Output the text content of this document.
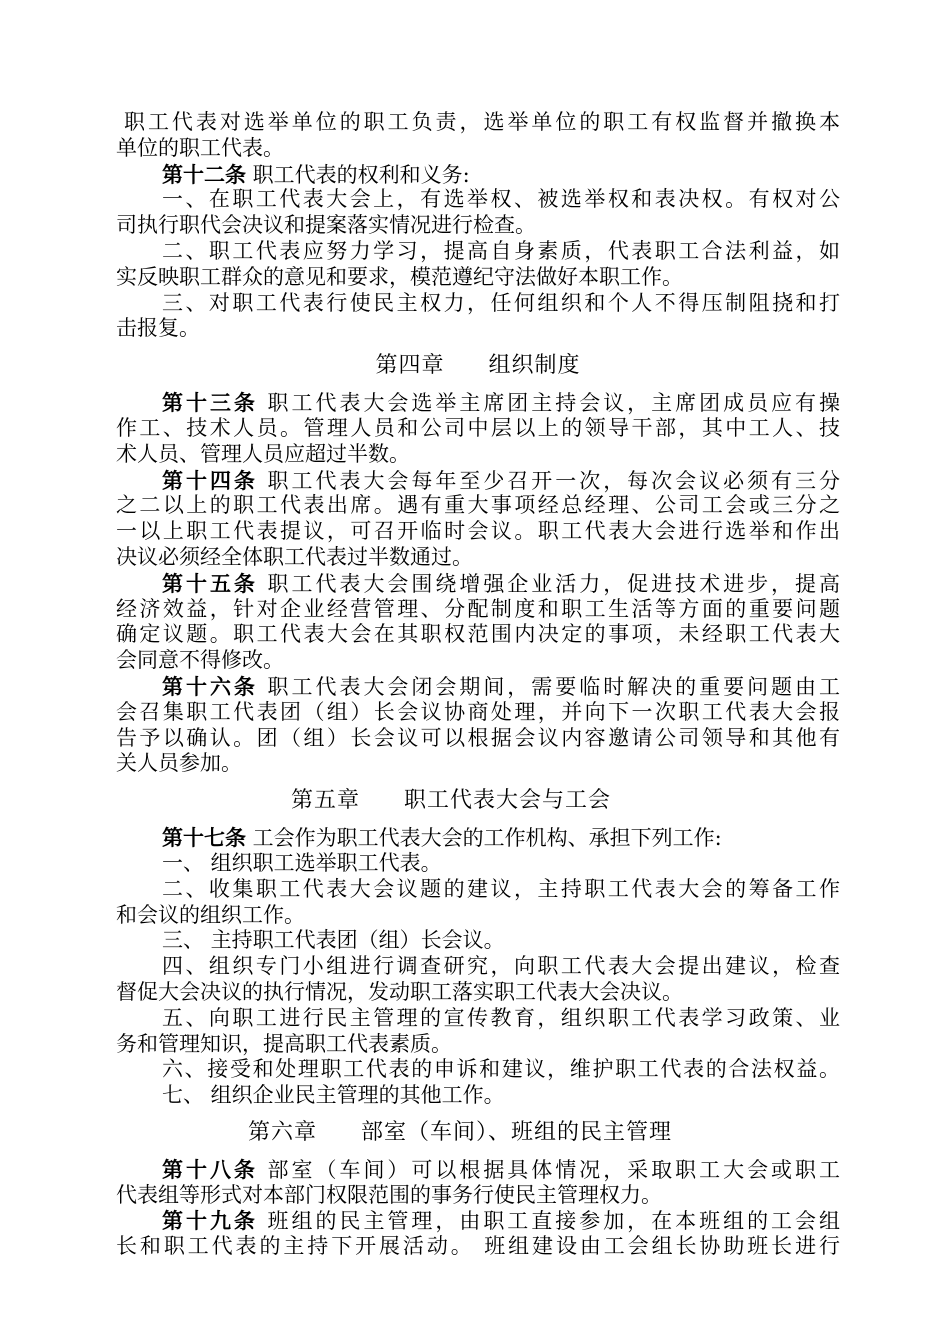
职工代表对选举单位的职工负责，选举单位的职工有权监督并撤换本
单位的职工代表。
第十二条 职工代表的权利和义务:
一、在职工代表大会上，有选举权、被选举权和表决权。有权对公
司执行职代会决议和提案落实情况进行检查。
二、职工代表应努力学习，提高自身素质，代表职工合法利益，如
实反映职工群众的意见和要求，模范遵纪守法做好本职工作。
三、对职工代表行使民主权力，任何组织和个人不得压制阻挠和打
击报复。
第四章 组织制度
第十三条 职工代表大会选举主席团主持会议，主席团成员应有操
作工、技术人员。管理人员和公司中层以上的领导干部，其中工人、技
术人员、管理人员应超过半数。
第十四条 职工代表大会每年至少召开一次，每次会议必须有三分
之二以上的职工代表出席。遇有重大事项经总经理、公司工会或三分之
一以上职工代表提议，可召开临时会议。职工代表大会进行选举和作出
决议必须经全体职工代表过半数通过。
第十五条 职工代表大会围绕增强企业活力，促进技术进步，提高
经济效益，针对企业经营管理、分配制度和职工生活等方面的重要问题
确定议题。职工代表大会在其职权范围内决定的事项，未经职工代表大
会同意不得修改。
第十六条 职工代表大会闭会期间，需要临时解决的重要问题由工
会召集职工代表团（组）长会议协商处理，并向下一次职工代表大会报
告予以确认。团（组）长会议可以根据会议内容邀请公司领导和其他有
关人员参加。
第五章 职工代表大会与工会
第十七条 工会作为职工代表大会的工作机构、承担下列工作:
一、 组织职工选举职工代表。
二、收集职工代表大会议题的建议，主持职工代表大会的筹备工作
和会议的组织工作。
三、 主持职工代表团（组）长会议。
四、组织专门小组进行调查研究，向职工代表大会提出建议，检查
督促大会决议的执行情况，发动职工落实职工代表大会决议。
五、向职工进行民主管理的宣传教育，组织职工代表学习政策、业
务和管理知识，提高职工代表素质。
六、接受和处理职工代表的申诉和建议，维护职工代表的合法权益。
七、 组织企业民主管理的其他工作。
第六章 部室（车间）、班组的民主管理
第十八条 部室（车间）可以根据具体情况，采取职工大会或职工
代表组等形式对本部门权限范围的事务行使民主管理权力。
第十九条 班组的民主管理，由职工直接参加，在本班组的工会组
长和职工代表的主持下开展活动。 班组建设由工会组长协助班长进行
